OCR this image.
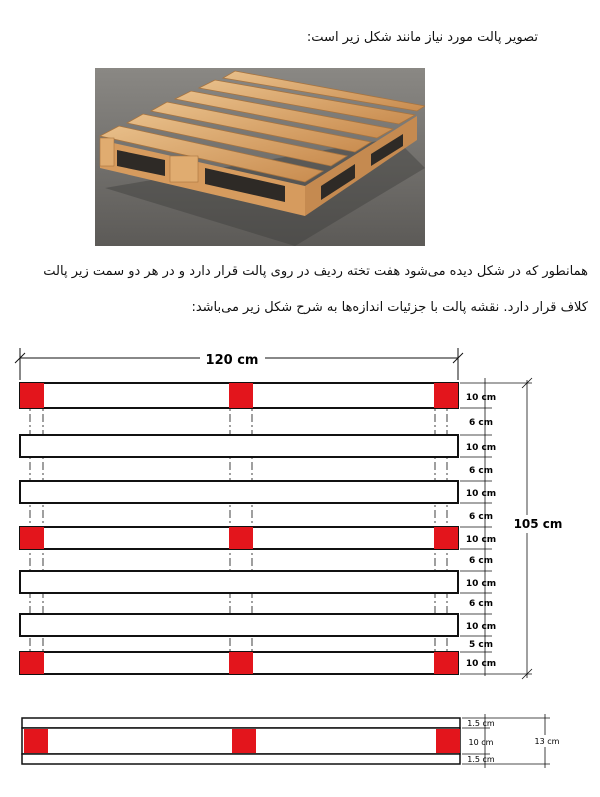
تصویر پالت مورد نیاز مانند شکل زیر است:
همانطور که در شکل دیده می‌شود هفت تخته ردیف در روی پالت قرار دارد و در هر دو سمت زیر پالت
کلاف قرار دارد. نقشه پالت با جزئیات اندازه‌ها به شرح شکل زیر می‌باشد:
120 cm
10 cm
10 cm
10 cm
10 cm
10 cm
10 cm
10 cm
6 cm
6 cm
6 cm
6 cm
6 cm
5 cm
105 cm
1.5 cm
10 cm
1.5 cm
13 cm
